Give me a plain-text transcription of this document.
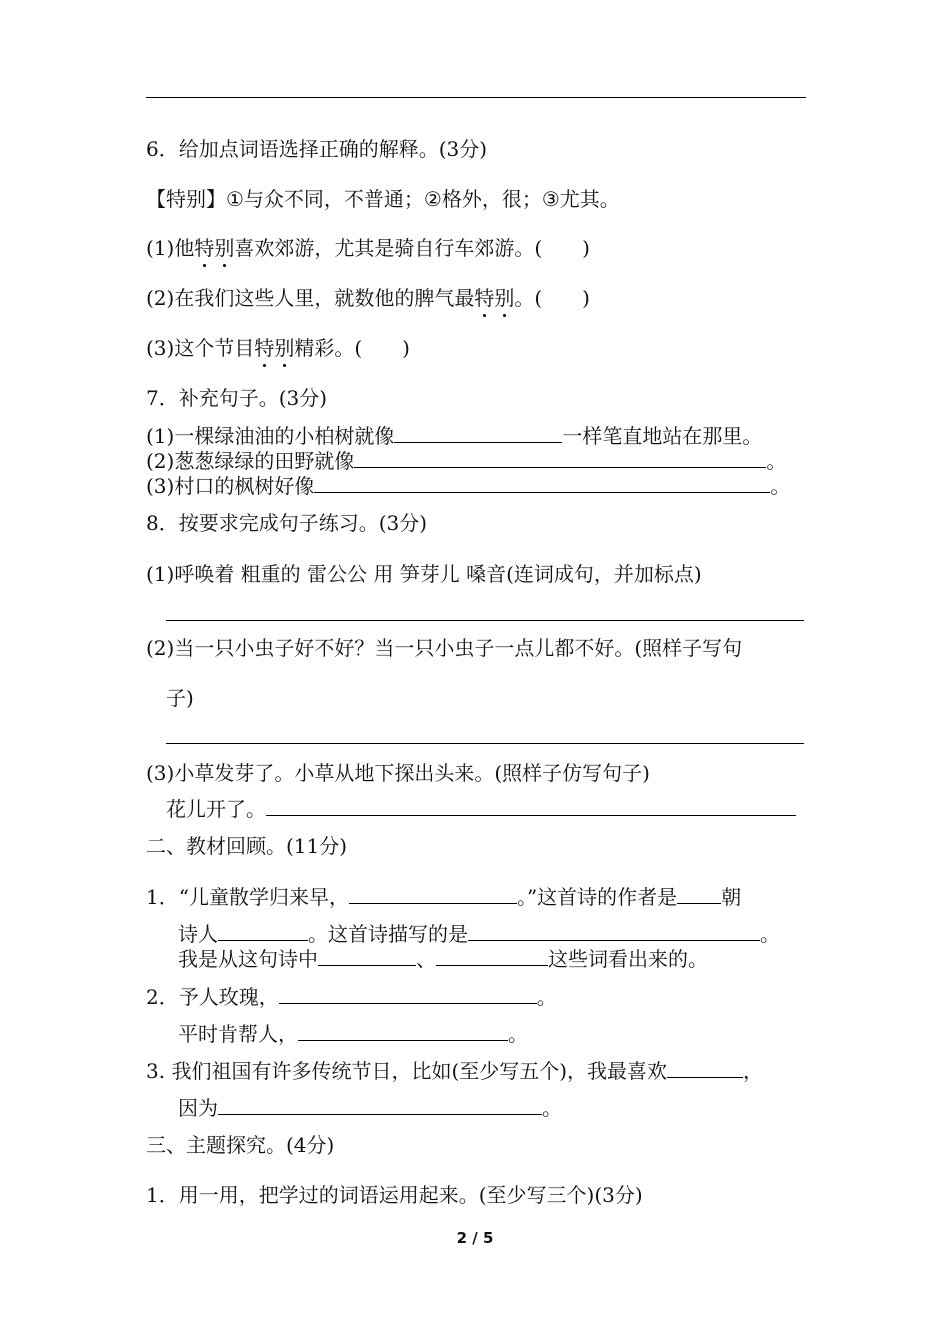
6．给加点词语选择正确的解释。(3分)
【特别】①与众不同，不普通；②格外，很；③尤其。
(1)他特别喜欢郊游，尤其是骑自行车郊游。( )
(2)在我们这些人里，就数他的脾气最特别。( )
(3)这个节目特别精彩。( )
7．补充句子。(3分)
(1)一棵绿油油的小柏树就像	一样笔直地站在那里。
(2)葱葱绿绿的田野就像	。
(3)村口的枫树好像	。
8．按要求完成句子练习。(3分)
(1)呼唤着 粗重的 雷公公 用 笋芽儿 嗓音(连词成句，并加标点)
(2)当一只小虫子好不好？当一只小虫子一点儿都不好。(照样子写句
子)
(3)小草发芽了。小草从地下探出头来。(照样子仿写句子)
花儿开了。
二、教材回顾。(11分)
1．“儿童散学归来早，	。”这首诗的作者是 朝
诗人	。这首诗描写的是	。
我是从这句诗中	、	这些词看出来的。
2．予人玫瑰，	。
平时肯帮人，	。
3. 我们祖国有许多传统节日，比如(至少写五个)，我最喜欢	，
因为	。
三、主题探究。(4分)
1．用一用，把学过的词语运用起来。(至少写三个)(3分)
2 / 5
